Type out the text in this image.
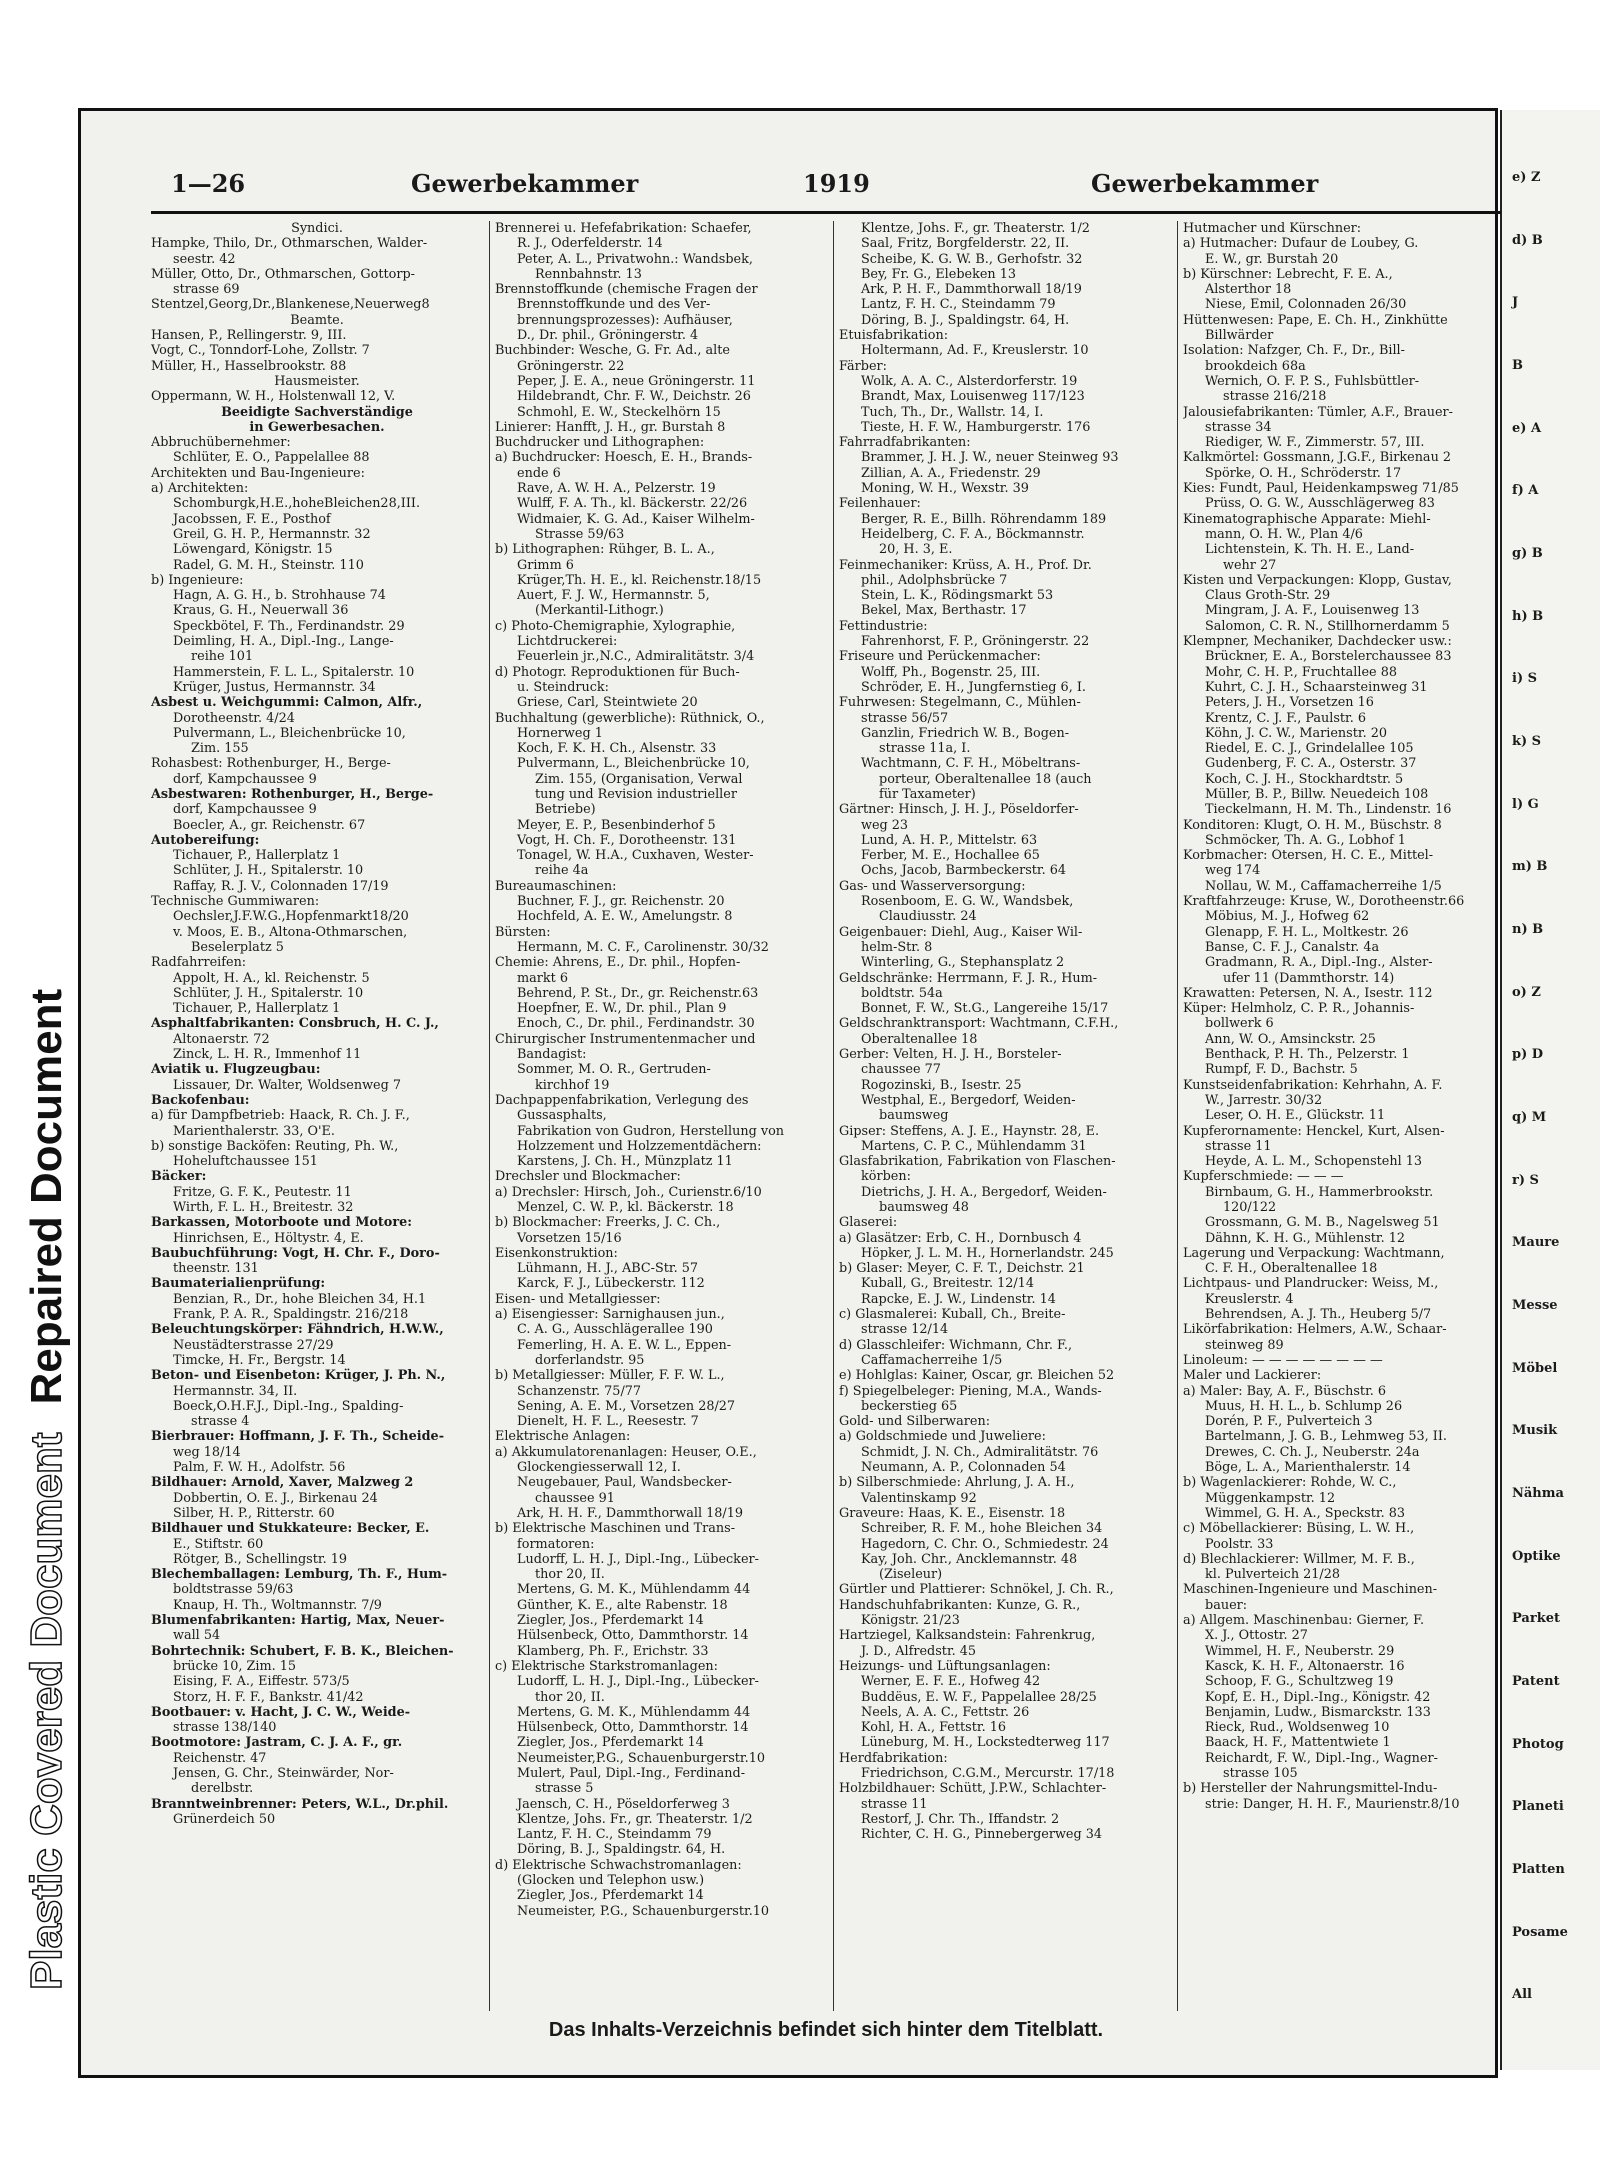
Plastic Covered Document
Repaired Document
e) Z
d) B
J
B
e) A
f) A
g) B
h) B
i) S
k) S
l) G
m) B
n) B
o) Z
p) D
q) M
r) S
Maure
Messe
Möbel
Musik
Nähma
Optike
Parket
Patent
Photog
Planeti
Platten
Posame
All
1—26	Gewerbekammer	1919	Gewerbekammer
Syndici.
Hampke, Thilo, Dr., Othmarschen, Walder-
seestr. 42
Müller, Otto, Dr., Othmarschen, Gottorp-
strasse 69
Stentzel,Georg,Dr.,Blankenese,Neuerweg8
Beamte.
Hansen, P., Rellingerstr. 9, III.
Vogt, C., Tonndorf-Lohe, Zollstr. 7
Müller, H., Hasselbrookstr. 88
Hausmeister.
Oppermann, W. H., Holstenwall 12, V.
Beeidigte Sachverständige
in Gewerbesachen.
Abbruchübernehmer:
Schlüter, E. O., Pappelallee 88
Architekten und Bau-Ingenieure:
a) Architekten:
Schomburgk,H.E.,hoheBleichen28,III.
Jacobssen, F. E., Posthof
Greil, G. H. P., Hermannstr. 32
Löwengard, Königstr. 15
Radel, G. M. H., Steinstr. 110
b) Ingenieure:
Hagn, A. G. H., b. Strohhause 74
Kraus, G. H., Neuerwall 36
Speckbötel, F. Th., Ferdinandstr. 29
Deimling, H. A., Dipl.-Ing., Lange-
reihe 101
Hammerstein, F. L. L., Spitalerstr. 10
Krüger, Justus, Hermannstr. 34
Asbest u. Weichgummi: Calmon, Alfr.,
Dorotheenstr. 4/24
Pulvermann, L., Bleichenbrücke 10,
Zim. 155
Rohasbest: Rothenburger, H., Berge-
dorf, Kampchaussee 9
Asbestwaren: Rothenburger, H., Berge-
dorf, Kampchaussee 9
Boecler, A., gr. Reichenstr. 67
Autobereifung:
Tichauer, P., Hallerplatz 1
Schlüter, J. H., Spitalerstr. 10
Raffay, R. J. V., Colonnaden 17/19
Technische Gummiwaren:
Oechsler,J.F.W.G.,Hopfenmarkt18/20
v. Moos, E. B., Altona-Othmarschen,
Beselerplatz 5
Radfahrreifen:
Appolt, H. A., kl. Reichenstr. 5
Schlüter, J. H., Spitalerstr. 10
Tichauer, P., Hallerplatz 1
Asphaltfabrikanten: Consbruch, H. C. J.,
Altonaerstr. 72
Zinck, L. H. R., Immenhof 11
Aviatik u. Flugzeugbau:
Lissauer, Dr. Walter, Woldsenweg 7
Backofenbau:
a) für Dampfbetrieb: Haack, R. Ch. J. F.,
Marienthalerstr. 33, O'E.
b) sonstige Backöfen: Reuting, Ph. W.,
Hoheluftchaussee 151
Bäcker:
Fritze, G. F. K., Peutestr. 11
Wirth, F. L. H., Breitestr. 32
Barkassen, Motorboote und Motore:
Hinrichsen, E., Höltystr. 4, E.
Baubuchführung: Vogt, H. Chr. F., Doro-
theenstr. 131
Baumaterialienprüfung:
Benzian, R., Dr., hohe Bleichen 34, H.1
Frank, P. A. R., Spaldingstr. 216/218
Beleuchtungskörper: Fähndrich, H.W.W.,
Neustädterstrasse 27/29
Timcke, H. Fr., Bergstr. 14
Beton- und Eisenbeton: Krüger, J. Ph. N.,
Hermannstr. 34, II.
Boeck,O.H.F.J., Dipl.-Ing., Spalding-
strasse 4
Bierbrauer: Hoffmann, J. F. Th., Scheide-
weg 18/14
Palm, F. W. H., Adolfstr. 56
Bildhauer: Arnold, Xaver, Malzweg 2
Dobbertin, O. E. J., Birkenau 24
Silber, H. P., Ritterstr. 60
Bildhauer und Stukkateure: Becker, E.
E., Stiftstr. 60
Rötger, B., Schellingstr. 19
Blechemballagen: Lemburg, Th. F., Hum-
boldtstrasse 59/63
Knaup, H. Th., Woltmannstr. 7/9
Blumenfabrikanten: Hartig, Max, Neuer-
wall 54
Bohrtechnik: Schubert, F. B. K., Bleichen-
brücke 10, Zim. 15
Eising, F. A., Eiffestr. 573/5
Storz, H. F. F., Bankstr. 41/42
Bootbauer: v. Hacht, J. C. W., Weide-
strasse 138/140
Bootmotore: Jastram, C. J. A. F., gr.
Reichenstr. 47
Jensen, G. Chr., Steinwärder, Nor-
derelbstr.
Branntweinbrenner: Peters, W.L., Dr.phil.
Grünerdeich 50
Brennerei u. Hefefabrikation: Schaefer,
R. J., Oderfelderstr. 14
Peter, A. L., Privatwohn.: Wandsbek,
Rennbahnstr. 13
Brennstoffkunde (chemische Fragen der
Brennstoffkunde und des Ver-
brennungsprozesses): Aufhäuser,
D., Dr. phil., Gröningerstr. 4
Buchbinder: Wesche, G. Fr. Ad., alte
Gröningerstr. 22
Peper, J. E. A., neue Gröningerstr. 11
Hildebrandt, Chr. F. W., Deichstr. 26
Schmohl, E. W., Steckelhörn 15
Linierer: Hanfft, J. H., gr. Burstah 8
Buchdrucker und Lithographen:
a) Buchdrucker: Hoesch, E. H., Brands-
ende 6
Rave, A. W. H. A., Pelzerstr. 19
Wulff, F. A. Th., kl. Bäckerstr. 22/26
Widmaier, K. G. Ad., Kaiser Wilhelm-
Strasse 59/63
b) Lithographen: Rühger, B. L. A.,
Grimm 6
Krüger,Th. H. E., kl. Reichenstr.18/15
Auert, F. J. W., Hermannstr. 5,
(Merkantil-Lithogr.)
c) Photo-Chemigraphie, Xylographie,
Lichtdruckerei:
Feuerlein jr.,N.C., Admiralitätstr. 3/4
d) Photogr. Reproduktionen für Buch-
u. Steindruck:
Griese, Carl, Steintwiete 20
Buchhaltung (gewerbliche): Rüthnick, O.,
Hornerweg 1
Koch, F. K. H. Ch., Alsenstr. 33
Pulvermann, L., Bleichenbrücke 10,
Zim. 155, (Organisation, Verwal
tung und Revision industrieller
Betriebe)
Meyer, E. P., Besenbinderhof 5
Vogt, H. Ch. F., Dorotheenstr. 131
Tonagel, W. H.A., Cuxhaven, Wester-
reihe 4a
Bureaumaschinen:
Buchner, F. J., gr. Reichenstr. 20
Hochfeld, A. E. W., Amelungstr. 8
Bürsten:
Hermann, M. C. F., Carolinenstr. 30/32
Chemie: Ahrens, E., Dr. phil., Hopfen-
markt 6
Behrend, P. St., Dr., gr. Reichenstr.63
Hoepfner, E. W., Dr. phil., Plan 9
Enoch, C., Dr. phil., Ferdinandstr. 30
Chirurgischer Instrumentenmacher und
Bandagist:
Sommer, M. O. R., Gertruden-
kirchhof 19
Dachpappenfabrikation, Verlegung des
Gussasphalts,
Fabrikation von Gudron, Herstellung von
Holzzement und Holzzementdächern:
Karstens, J. Ch. H., Münzplatz 11
Drechsler und Blockmacher:
a) Drechsler: Hirsch, Joh., Curienstr.6/10
Menzel, C. W. P., kl. Bäckerstr. 18
b) Blockmacher: Freerks, J. C. Ch.,
Vorsetzen 15/16
Eisenkonstruktion:
Lühmann, H. J., ABC-Str. 57
Karck, F. J., Lübeckerstr. 112
Eisen- und Metallgiesser:
a) Eisengiesser: Sarnighausen jun.,
C. A. G., Ausschlägerallee 190
Femerling, H. A. E. W. L., Eppen-
dorferlandstr. 95
b) Metallgiesser: Müller, F. F. W. L.,
Schanzenstr. 75/77
Sening, A. E. M., Vorsetzen 28/27
Dienelt, H. F. L., Reesestr. 7
Elektrische Anlagen:
a) Akkumulatorenanlagen: Heuser, O.E.,
Glockengiesserwall 12, I.
Neugebauer, Paul, Wandsbecker-
chaussee 91
Ark, H. H. F., Dammthorwall 18/19
b) Elektrische Maschinen und Trans-
formatoren:
Ludorff, L. H. J., Dipl.-Ing., Lübecker-
thor 20, II.
Mertens, G. M. K., Mühlendamm 44
Günther, K. E., alte Rabenstr. 18
Ziegler, Jos., Pferdemarkt 14
Hülsenbeck, Otto, Dammthorstr. 14
Klamberg, Ph. F., Erichstr. 33
c) Elektrische Starkstromanlagen:
Ludorff, L. H. J., Dipl.-Ing., Lübecker-
thor 20, II.
Mertens, G. M. K., Mühlendamm 44
Hülsenbeck, Otto, Dammthorstr. 14
Ziegler, Jos., Pferdemarkt 14
Neumeister,P.G., Schauenburgerstr.10
Mulert, Paul, Dipl.-Ing., Ferdinand-
strasse 5
Jaensch, C. H., Pöseldorferweg 3
Klentze, Johs. Fr., gr. Theaterstr. 1/2
Lantz, F. H. C., Steindamm 79
Döring, B. J., Spaldingstr. 64, H.
d) Elektrische Schwachstromanlagen:
(Glocken und Telephon usw.)
Ziegler, Jos., Pferdemarkt 14
Neumeister, P.G., Schauenburgerstr.10
Klentze, Johs. F., gr. Theaterstr. 1/2
Saal, Fritz, Borgfelderstr. 22, II.
Scheibe, K. G. W. B., Gerhofstr. 32
Bey, Fr. G., Elebeken 13
Ark, P. H. F., Dammthorwall 18/19
Lantz, F. H. C., Steindamm 79
Döring, B. J., Spaldingstr. 64, H.
Etuisfabrikation:
Holtermann, Ad. F., Kreuslerstr. 10
Färber:
Wolk, A. A. C., Alsterdorferstr. 19
Brandt, Max, Louisenweg 117/123
Tuch, Th., Dr., Wallstr. 14, I.
Tieste, H. F. W., Hamburgerstr. 176
Fahrradfabrikanten:
Brammer, J. H. J. W., neuer Steinweg 93
Zillian, A. A., Friedenstr. 29
Moning, W. H., Wexstr. 39
Feilenhauer:
Berger, R. E., Billh. Röhrendamm 189
Heidelberg, C. F. A., Böckmannstr.
20, H. 3, E.
Feinmechaniker: Krüss, A. H., Prof. Dr.
phil., Adolphsbrücke 7
Stein, L. K., Rödingsmarkt 53
Bekel, Max, Berthastr. 17
Fettindustrie:
Fahrenhorst, F. P., Gröningerstr. 22
Friseure und Perückenmacher:
Wolff, Ph., Bogenstr. 25, III.
Schröder, E. H., Jungfernstieg 6, I.
Fuhrwesen: Stegelmann, C., Mühlen-
strasse 56/57
Ganzlin, Friedrich W. B., Bogen-
strasse 11a, I.
Wachtmann, C. F. H., Möbeltrans-
porteur, Oberaltenallee 18 (auch
für Taxameter)
Gärtner: Hinsch, J. H. J., Pöseldorfer-
weg 23
Lund, A. H. P., Mittelstr. 63
Ferber, M. E., Hochallee 65
Ochs, Jacob, Barmbeckerstr. 64
Gas- und Wasserversorgung:
Rosenboom, E. G. W., Wandsbek,
Claudiusstr. 24
Geigenbauer: Diehl, Aug., Kaiser Wil-
helm-Str. 8
Winterling, G., Stephansplatz 2
Geldschränke: Herrmann, F. J. R., Hum-
boldtstr. 54a
Bonnet, F. W., St.G., Langereihe 15/17
Geldschranktransport: Wachtmann, C.F.H.,
Oberaltenallee 18
Gerber: Velten, H. J. H., Borsteler-
chaussee 77
Rogozinski, B., Isestr. 25
Westphal, E., Bergedorf, Weiden-
baumsweg
Gipser: Steffens, A. J. E., Haynstr. 28, E.
Martens, C. P. C., Mühlendamm 31
Glasfabrikation, Fabrikation von Flaschen-
körben:
Dietrichs, J. H. A., Bergedorf, Weiden-
baumsweg 48
Glaserei:
a) Glasätzer: Erb, C. H., Dornbusch 4
Höpker, J. L. M. H., Hornerlandstr. 245
b) Glaser: Meyer, C. F. T., Deichstr. 21
Kuball, G., Breitestr. 12/14
Rapcke, E. J. W., Lindenstr. 14
c) Glasmalerei: Kuball, Ch., Breite-
strasse 12/14
d) Glasschleifer: Wichmann, Chr. F.,
Caffamacherreihe 1/5
e) Hohlglas: Kainer, Oscar, gr. Bleichen 52
f) Spiegelbeleger: Piening, M.A., Wands-
beckerstieg 65
Gold- und Silberwaren:
a) Goldschmiede und Juweliere:
Schmidt, J. N. Ch., Admiralitätstr. 76
Neumann, A. P., Colonnaden 54
b) Silberschmiede: Ahrlung, J. A. H.,
Valentinskamp 92
Graveure: Haas, K. E., Eisenstr. 18
Schreiber, R. F. M., hohe Bleichen 34
Hagedorn, C. Chr. O., Schmiedestr. 24
Kay, Joh. Chr., Ancklemannstr. 48
(Ziseleur)
Gürtler und Plattierer: Schnökel, J. Ch. R.,
Handschuhfabrikanten: Kunze, G. R.,
Königstr. 21/23
Hartziegel, Kalksandstein: Fahrenkrug,
J. D., Alfredstr. 45
Heizungs- und Lüftungsanlagen:
Werner, E. F. E., Hofweg 42
Buddëus, E. W. F., Pappelallee 28/25
Neels, A. A. C., Fettstr. 26
Kohl, H. A., Fettstr. 16
Lüneburg, M. H., Lockstedterweg 117
Herdfabrikation:
Friedrichson, C.G.M., Mercurstr. 17/18
Holzbildhauer: Schütt, J.P.W., Schlachter-
strasse 11
Restorf, J. Chr. Th., Iffandstr. 2
Richter, C. H. G., Pinnebergerweg 34
Hutmacher und Kürschner:
a) Hutmacher: Dufaur de Loubey, G.
E. W., gr. Burstah 20
b) Kürschner: Lebrecht, F. E. A.,
Alsterthor 18
Niese, Emil, Colonnaden 26/30
Hüttenwesen: Pape, E. Ch. H., Zinkhütte
Billwärder
Isolation: Nafzger, Ch. F., Dr., Bill-
brookdeich 68a
Wernich, O. F. P. S., Fuhlsbüttler-
strasse 216/218
Jalousiefabrikanten: Tümler, A.F., Brauer-
strasse 34
Riediger, W. F., Zimmerstr. 57, III.
Kalkmörtel: Gossmann, J.G.F., Birkenau 2
Spörke, O. H., Schröderstr. 17
Kies: Fundt, Paul, Heidenkampsweg 71/85
Prüss, O. G. W., Ausschlägerweg 83
Kinematographische Apparate: Miehl-
mann, O. H. W., Plan 4/6
Lichtenstein, K. Th. H. E., Land-
wehr 27
Kisten und Verpackungen: Klopp, Gustav,
Claus Groth-Str. 29
Mingram, J. A. F., Louisenweg 13
Salomon, C. R. N., Stillhornerdamm 5
Klempner, Mechaniker, Dachdecker usw.:
Brückner, E. A., Borstelerchaussee 83
Mohr, C. H. P., Fruchtallee 88
Kuhrt, C. J. H., Schaarsteinweg 31
Peters, J. H., Vorsetzen 16
Krentz, C. J. F., Paulstr. 6
Köhn, J. C. W., Marienstr. 20
Riedel, E. C. J., Grindelallee 105
Gudenberg, F. C. A., Osterstr. 37
Koch, C. J. H., Stockhardtstr. 5
Müller, B. P., Billw. Neuedeich 108
Tieckelmann, H. M. Th., Lindenstr. 16
Konditoren: Klugt, O. H. M., Büschstr. 8
Schmöcker, Th. A. G., Lobhof 1
Korbmacher: Otersen, H. C. E., Mittel-
weg 174
Nollau, W. M., Caffamacherreihe 1/5
Kraftfahrzeuge: Kruse, W., Dorotheenstr.66
Möbius, M. J., Hofweg 62
Glenapp, F. H. L., Moltkestr. 26
Banse, C. F. J., Canalstr. 4a
Gradmann, R. A., Dipl.-Ing., Alster-
ufer 11 (Dammthorstr. 14)
Krawatten: Petersen, N. A., Isestr. 112
Küper: Helmholz, C. P. R., Johannis-
bollwerk 6
Ann, W. O., Amsinckstr. 25
Benthack, P. H. Th., Pelzerstr. 1
Rumpf, F. D., Bachstr. 5
Kunstseidenfabrikation: Kehrhahn, A. F.
W., Jarrestr. 30/32
Leser, O. H. E., Glückstr. 11
Kupferornamente: Henckel, Kurt, Alsen-
strasse 11
Heyde, A. L. M., Schopenstehl 13
Kupferschmiede: — — —
Birnbaum, G. H., Hammerbrookstr.
120/122
Grossmann, G. M. B., Nagelsweg 51
Dähnn, K. H. G., Mühlenstr. 12
Lagerung und Verpackung: Wachtmann,
C. F. H., Oberaltenallee 18
Lichtpaus- und Plandrucker: Weiss, M.,
Kreuslerstr. 4
Behrendsen, A. J. Th., Heuberg 5/7
Likörfabrikation: Helmers, A.W., Schaar-
steinweg 89
Linoleum: — — — — — — — —
Maler und Lackierer:
a) Maler: Bay, A. F., Büschstr. 6
Muus, H. H. L., b. Schlump 26
Dorén, P. F., Pulverteich 3
Bartelmann, J. G. B., Lehmweg 53, II.
Drewes, C. Ch. J., Neuberstr. 24a
Böge, L. A., Marienthalerstr. 14
b) Wagenlackierer: Rohde, W. C.,
Müggenkampstr. 12
Wimmel, G. H. A., Speckstr. 83
c) Möbellackierer: Büsing, L. W. H.,
Poolstr. 33
d) Blechlackierer: Willmer, M. F. B.,
kl. Pulverteich 21/28
Maschinen-Ingenieure und Maschinen-
bauer:
a) Allgem. Maschinenbau: Gierner, F.
X. J., Ottostr. 27
Wimmel, H. F., Neuberstr. 29
Kasck, K. H. F., Altonaerstr. 16
Schoop, F. G., Schultzweg 19
Kopf, E. H., Dipl.-Ing., Königstr. 42
Benjamin, Ludw., Bismarckstr. 133
Rieck, Rud., Woldsenweg 10
Baack, H. F., Mattentwiete 1
Reichardt, F. W., Dipl.-Ing., Wagner-
strasse 105
b) Hersteller der Nahrungsmittel-Indu-
strie: Danger, H. H. F., Maurienstr.8/10
Das Inhalts-Verzeichnis befindet sich hinter dem Titelblatt.
